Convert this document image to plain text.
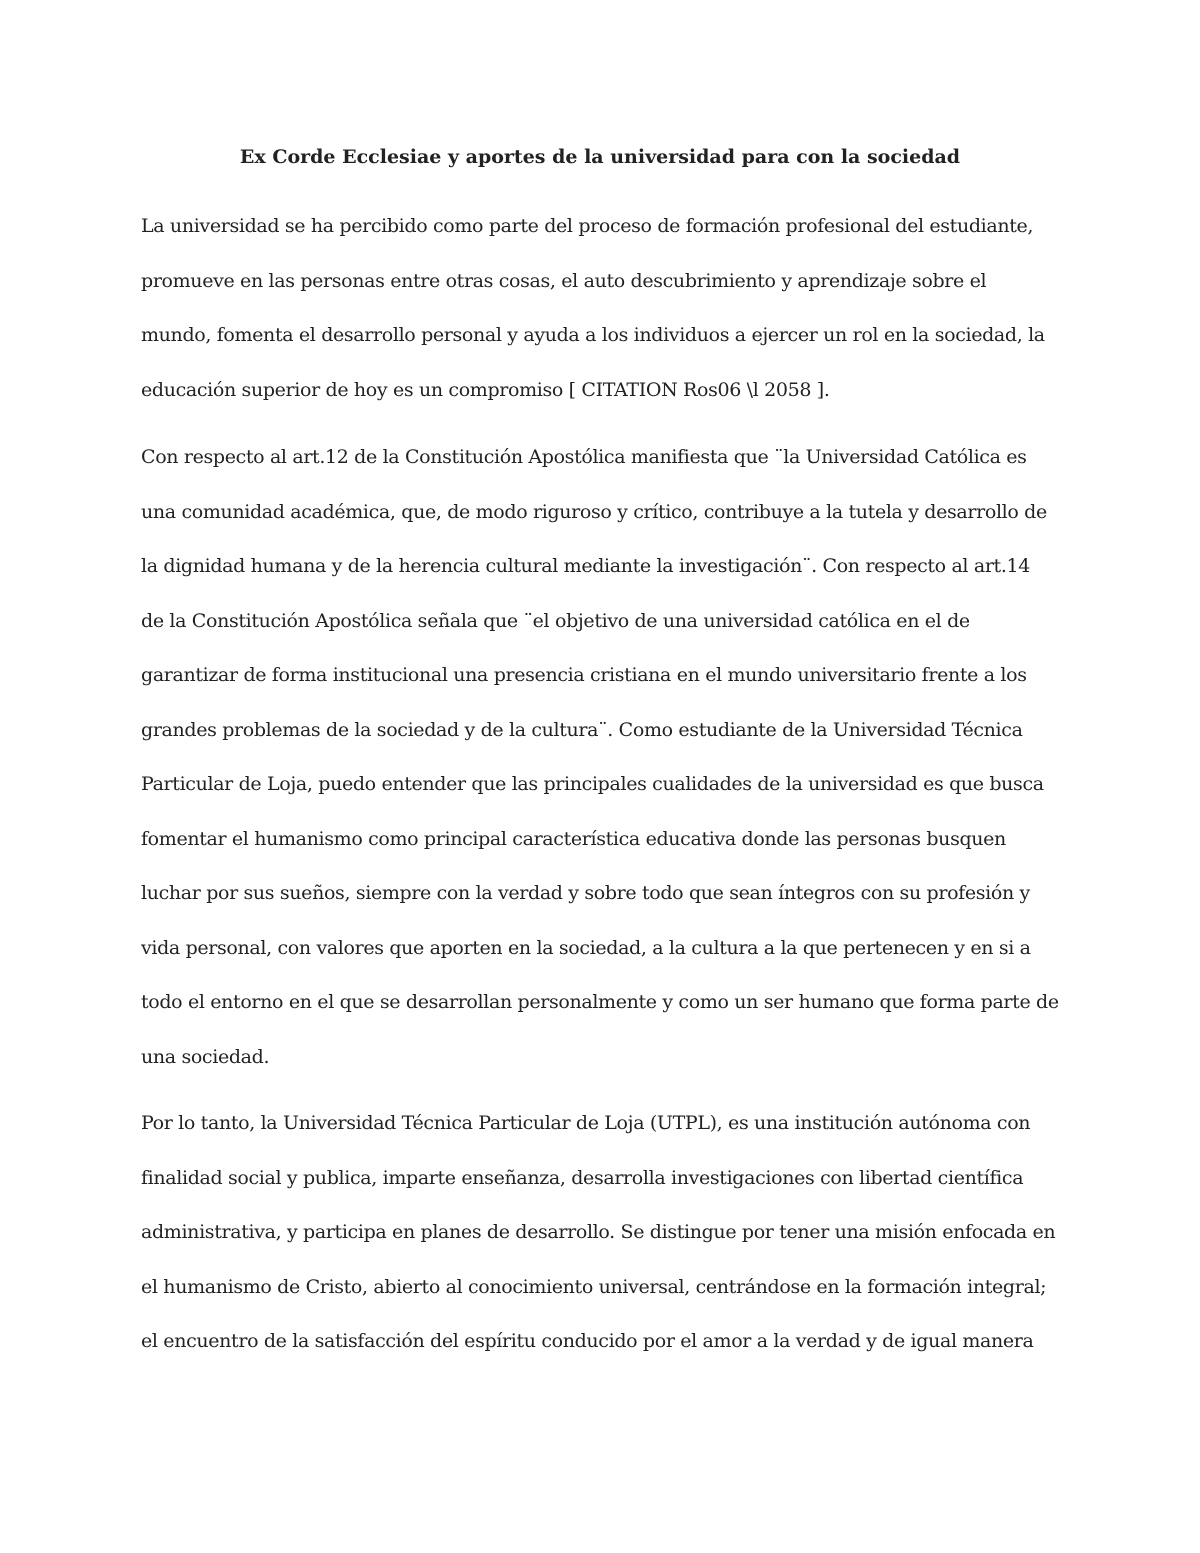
Ex Corde Ecclesiae y aportes de la universidad para con la sociedad
La universidad se ha percibido como parte del proceso de formación profesional del estudiante,
promueve en las personas entre otras cosas, el auto descubrimiento y aprendizaje sobre el
mundo, fomenta el desarrollo personal y ayuda a los individuos a ejercer un rol en la sociedad, la
educación superior de hoy es un compromiso [ CITATION Ros06 \l 2058 ].
Con respecto al art.12 de la Constitución Apostólica manifiesta que ¨la Universidad Católica es
una comunidad académica, que, de modo riguroso y crítico, contribuye a la tutela y desarrollo de
la dignidad humana y de la herencia cultural mediante la investigación¨. Con respecto al art.14
de la Constitución Apostólica señala que ¨el objetivo de una universidad católica en el de
garantizar de forma institucional una presencia cristiana en el mundo universitario frente a los
grandes problemas de la sociedad y de la cultura¨. Como estudiante de la Universidad Técnica
Particular de Loja, puedo entender que las principales cualidades de la universidad es que busca
fomentar el humanismo como principal característica educativa donde las personas busquen
luchar por sus sueños, siempre con la verdad y sobre todo que sean íntegros con su profesión y
vida personal, con valores que aporten en la sociedad, a la cultura a la que pertenecen y en si a
todo el entorno en el que se desarrollan personalmente y como un ser humano que forma parte de
una sociedad.
Por lo tanto, la Universidad Técnica Particular de Loja (UTPL), es una institución autónoma con
finalidad social y publica, imparte enseñanza, desarrolla investigaciones con libertad científica
administrativa, y participa en planes de desarrollo. Se distingue por tener una misión enfocada en
el humanismo de Cristo, abierto al conocimiento universal, centrándose en la formación integral;
el encuentro de la satisfacción del espíritu conducido por el amor a la verdad y de igual manera
